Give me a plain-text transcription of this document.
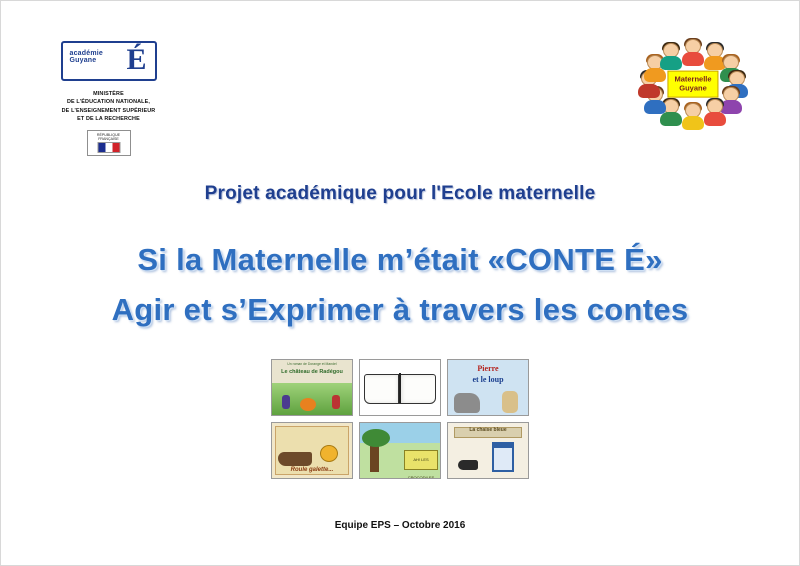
académie
Guyane É
MINISTÈRE
DE L'ÉDUCATION NATIONALE,
DE L'ENSEIGNEMENT SUPÉRIEUR
ET DE LA RECHERCHE
RÉPUBLIQUE FRANÇAISE
Maternelle
Guyane
Projet académique pour l'Ecole maternelle
Si la Maternelle m’était «CONTE É»
Agir et s’Exprimer à travers les contes
Un roman de Dorange et Mandel
Le château de Radégou	Pierre
et le loup
Roule galette...
AH! LES CROCODILES
La chaise bleue
Equipe EPS – Octobre 2016
